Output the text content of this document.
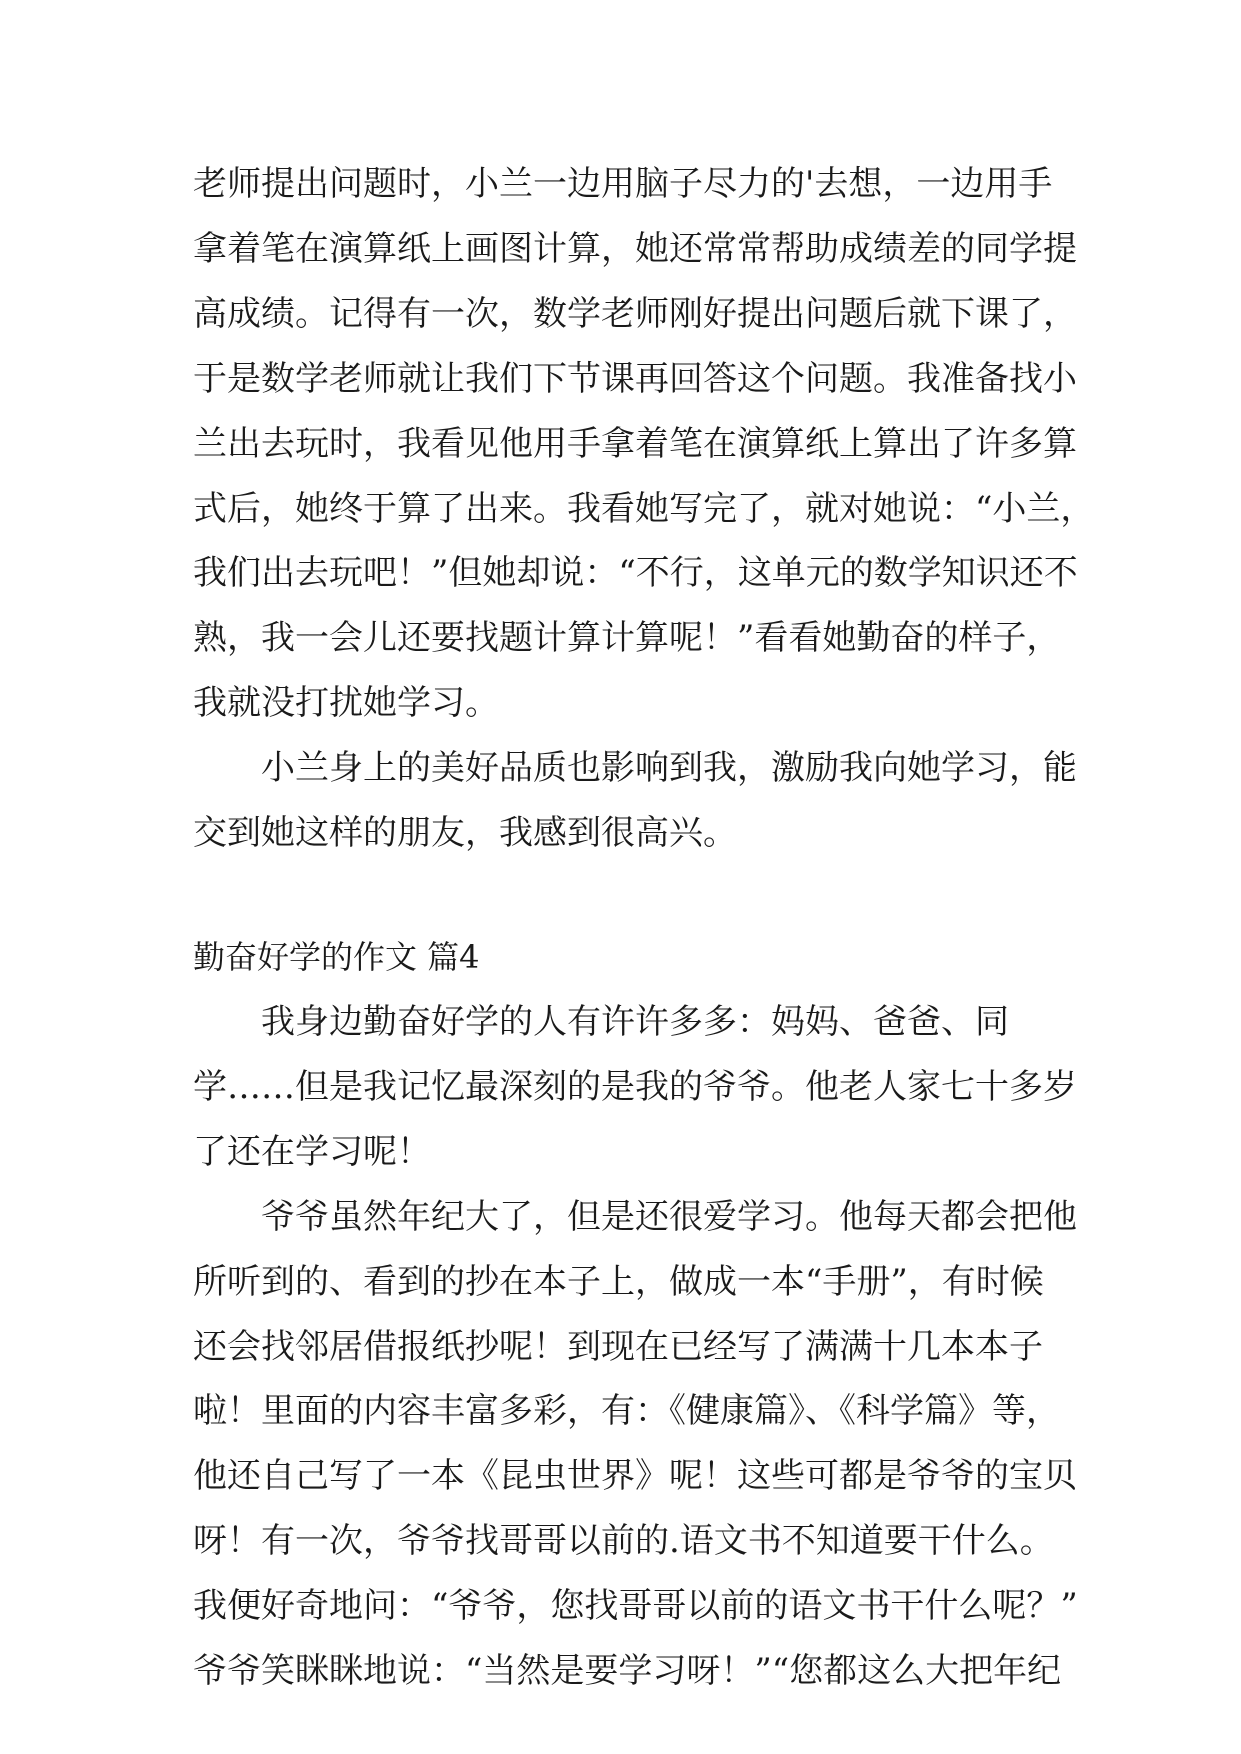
老师提出问题时，小兰一边用脑子尽力的'去想，一边用手

拿着笔在演算纸上画图计算，她还常常帮助成绩差的同学提

高成绩。记得有一次，数学老师刚好提出问题后就下课了，

于是数学老师就让我们下节课再回答这个问题。我准备找小

兰出去玩时，我看见他用手拿着笔在演算纸上算出了许多算

式后，她终于算了出来。我看她写完了，就对她说：“小兰，

我们出去玩吧！”但她却说：“不行，这单元的数学知识还不

熟，我一会儿还要找题计算计算呢！”看看她勤奋的样子，

我就没打扰她学习。

　　小兰身上的美好品质也影响到我，激励我向她学习，能

交到她这样的朋友，我感到很高兴。

勤奋好学的作文 篇4

　　我身边勤奋好学的人有许许多多：妈妈、爸爸、同

学……但是我记忆最深刻的是我的爷爷。他老人家七十多岁

了还在学习呢！

　　爷爷虽然年纪大了，但是还很爱学习。他每天都会把他

所听到的、看到的抄在本子上，做成一本“手册”，有时候

还会找邻居借报纸抄呢！到现在已经写了满满十几本本子

啦！里面的内容丰富多彩，有：《健康篇》、《科学篇》等，

他还自己写了一本《昆虫世界》呢！这些可都是爷爷的宝贝

呀！有一次，爷爷找哥哥以前的.语文书不知道要干什么。

我便好奇地问：“爷爷，您找哥哥以前的语文书干什么呢？”

爷爷笑眯眯地说：“当然是要学习呀！”“您都这么大把年纪
